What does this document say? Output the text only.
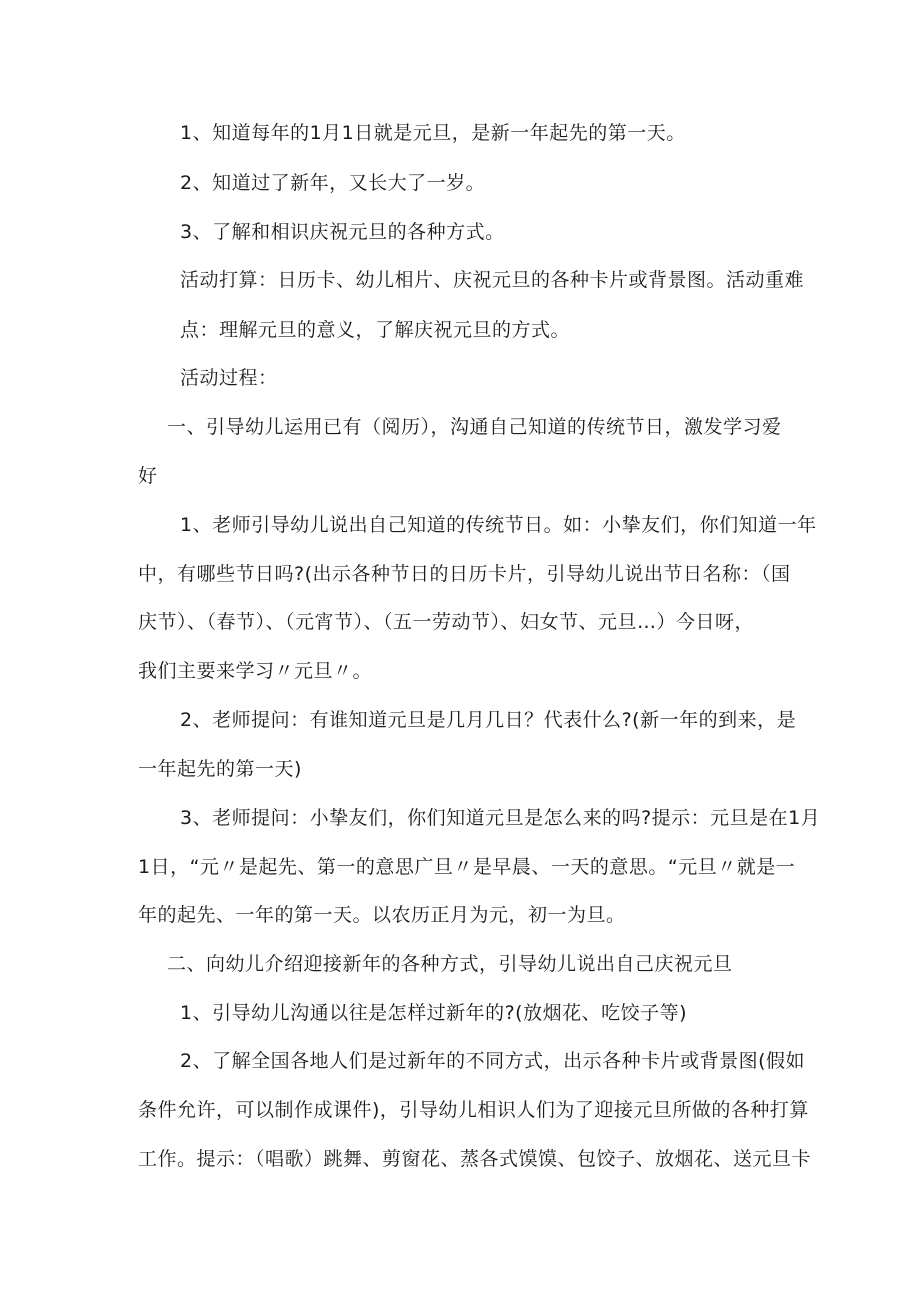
1、知道每年的1月1日就是元旦，是新一年起先的第一天。

2、知道过了新年，又长大了一岁。

3、了解和相识庆祝元旦的各种方式。

活动打算：日历卡、幼儿相片、庆祝元旦的各种卡片或背景图。活动重难

点：理解元旦的意义，了解庆祝元旦的方式。

活动过程：

一、引导幼儿运用已有（阅历），沟通自己知道的传统节日，激发学习爱

好

1、老师引导幼儿说出自己知道的传统节日。如：小挚友们，你们知道一年

中，有哪些节日吗?(出示各种节日的日历卡片，引导幼儿说出节日名称：（国

庆节）、（春节）、（元宵节）、（五一劳动节）、妇女节、元旦…）今日呀，

我们主要来学习〃元旦〃。

2、老师提问：有谁知道元旦是几月几日？代表什么?(新一年的到来，是

一年起先的第一天)

3、老师提问：小挚友们，你们知道元旦是怎么来的吗?提示：元旦是在1月

1日，“元〃是起先、第一的意思广旦〃是早晨、一天的意思。“元旦〃就是一

年的起先、一年的第一天。以农历正月为元，初一为旦。

二、向幼儿介绍迎接新年的各种方式，引导幼儿说出自己庆祝元旦

1、引导幼儿沟通以往是怎样过新年的?(放烟花、吃饺子等)

2、了解全国各地人们是过新年的不同方式，出示各种卡片或背景图(假如

条件允许，可以制作成课件)，引导幼儿相识人们为了迎接元旦所做的各种打算

工作。提示：（唱歌）跳舞、剪窗花、蒸各式馍馍、包饺子、放烟花、送元旦卡
